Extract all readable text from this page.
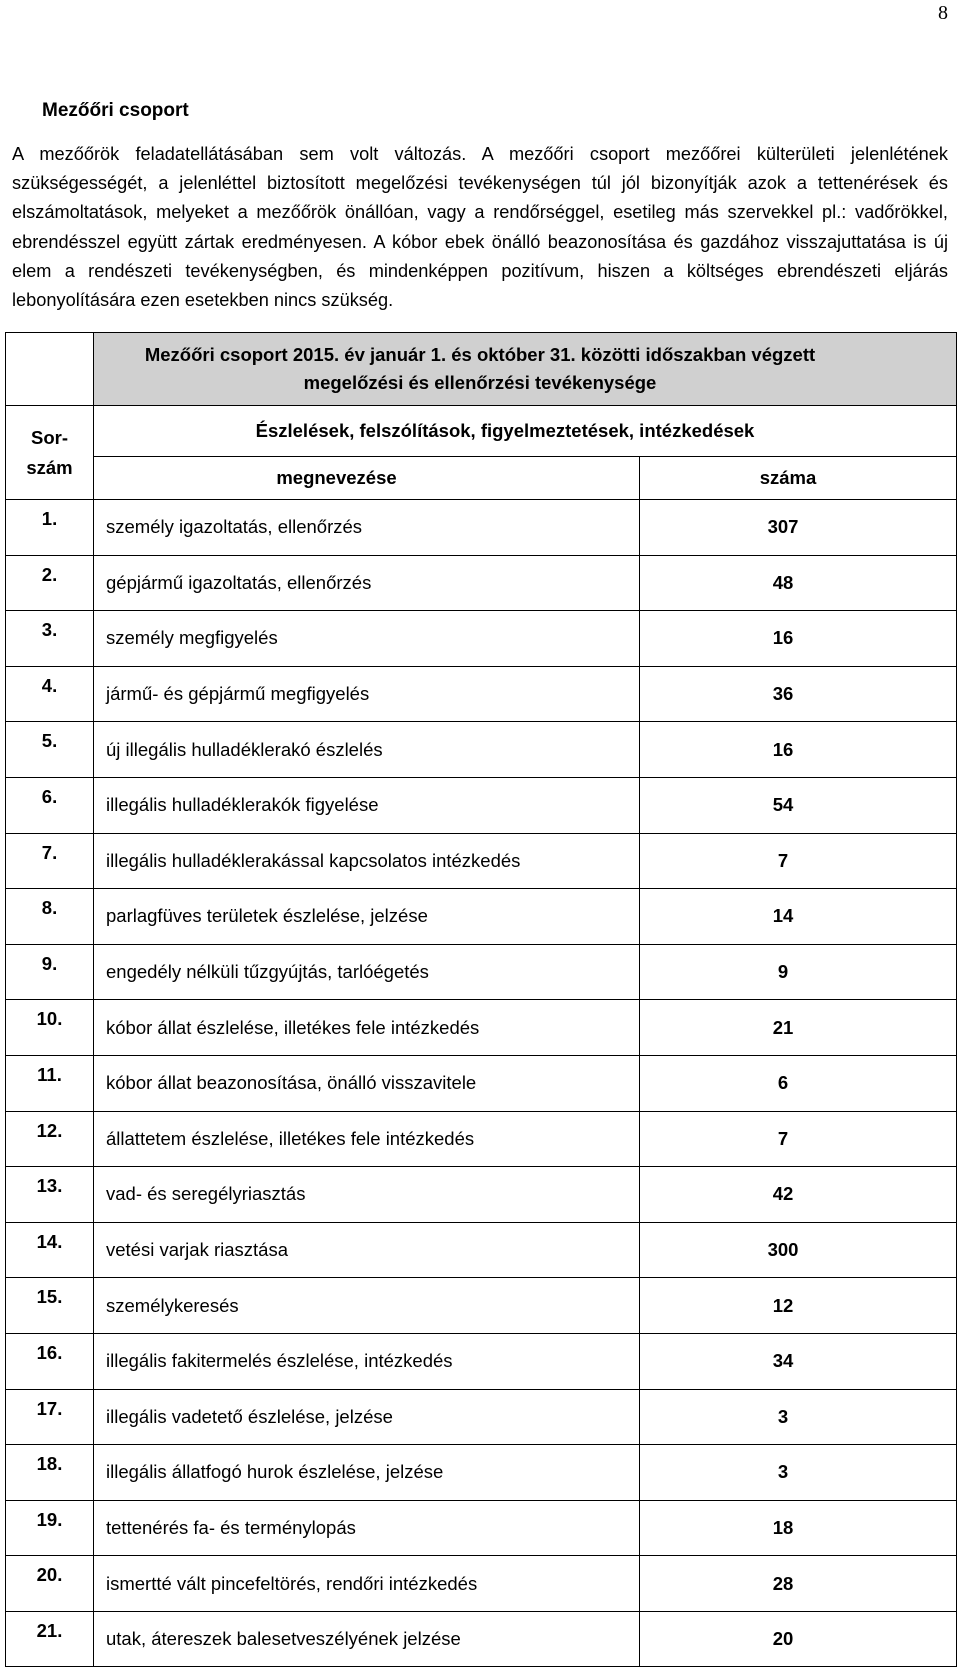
8
Mezőőri csoport
A mezőőrök feladatellátásában sem volt változás. A mezőőri csoport mezőőrei külterületi jelenlétének szükségességét, a jelenléttel biztosított megelőzési tevékenységen túl jól bizonyítják azok a tettenérések és elszámoltatások, melyeket a mezőőrök önállóan, vagy a rendőrséggel, esetileg más szervekkel pl.: vadőrökkel, ebrendésszel együtt zártak eredményesen. A kóbor ebek önálló beazonosítása és gazdához visszajuttatása is új elem a rendészeti tevékenységben, és mindenképpen pozitívum, hiszen a költséges ebrendészeti eljárás lebonyolítására ezen esetekben nincs szükség.

	Mezőőri csoport 2015. év január 1. és október 31. közötti időszakban végzett
megelőzési és ellenőrzési tevékenysége	

Sor-
szám	Észlelések, felszólítások, figyelmeztetések, intézkedések	
	megnevezése	száma
1.	személy igazoltatás, ellenőrzés	307
2.	gépjármű igazoltatás, ellenőrzés	48
3.	személy megfigyelés	16
4.	jármű- és gépjármű megfigyelés	36
5.	új illegális hulladéklerakó észlelés	16
6.	illegális hulladéklerakók figyelése	54
7.	illegális hulladéklerakással kapcsolatos intézkedés	7
8.	parlagfüves területek észlelése, jelzése	14
9.	engedély nélküli tűzgyújtás, tarlóégetés	9
10.	kóbor állat észlelése, illetékes fele intézkedés	21
11.	kóbor állat beazonosítása, önálló visszavitele	6
12.	állattetem észlelése, illetékes fele intézkedés	7
13.	vad- és seregélyriasztás	42
14.	vetési varjak riasztása	300
15.	személykeresés	12
16.	illegális fakitermelés észlelése, intézkedés	34
17.	illegális vadetető észlelése, jelzése	3
18.	illegális állatfogó hurok észlelése, jelzése	3
19.	tettenérés fa- és terménylopás	18
20.	ismertté vált pincefeltörés, rendőri intézkedés	28
21.	utak, átereszek balesetveszélyének jelzése	20
